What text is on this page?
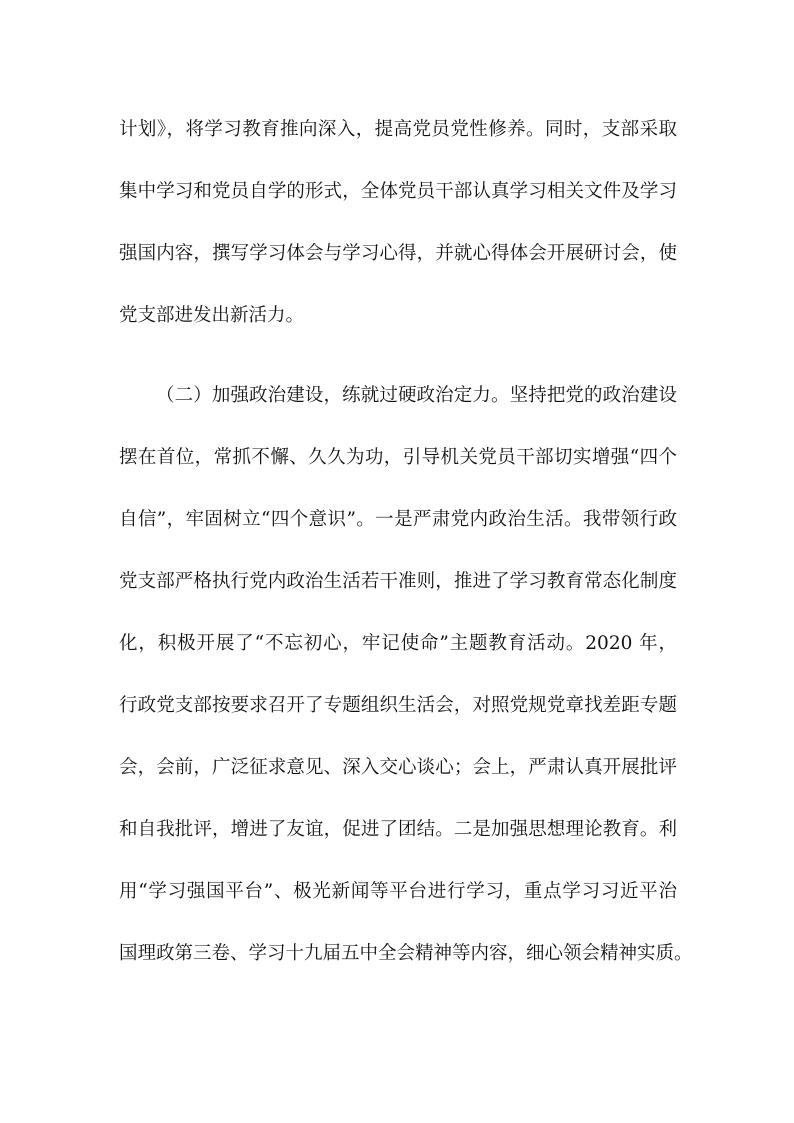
计划》，将学习教育推向深入，提高党员党性修养。同时，支部采取
集中学习和党员自学的形式，全体党员干部认真学习相关文件及学习
强国内容，撰写学习体会与学习心得，并就心得体会开展研讨会，使
党支部进发出新活力。
（二）加强政治建设，练就过硬政治定力。坚持把党的政治建设
摆在首位，常抓不懈、久久为功，引导机关党员干部切实增强“四个
自信”，牢固树立“四个意识”。一是严肃党内政治生活。我带领行政
党支部严格执行党内政治生活若干准则，推进了学习教育常态化制度
化，积极开展了“不忘初心，牢记使命”主题教育活动。2020 年，
行政党支部按要求召开了专题组织生活会，对照党规党章找差距专题
会，会前，广泛征求意见、深入交心谈心；会上，严肃认真开展批评
和自我批评，增进了友谊，促进了团结。二是加强思想理论教育。利
用“学习强国平台”、极光新闻等平台进行学习，重点学习习近平治
国理政第三卷、学习十九届五中全会精神等内容，细心领会精神实质。
